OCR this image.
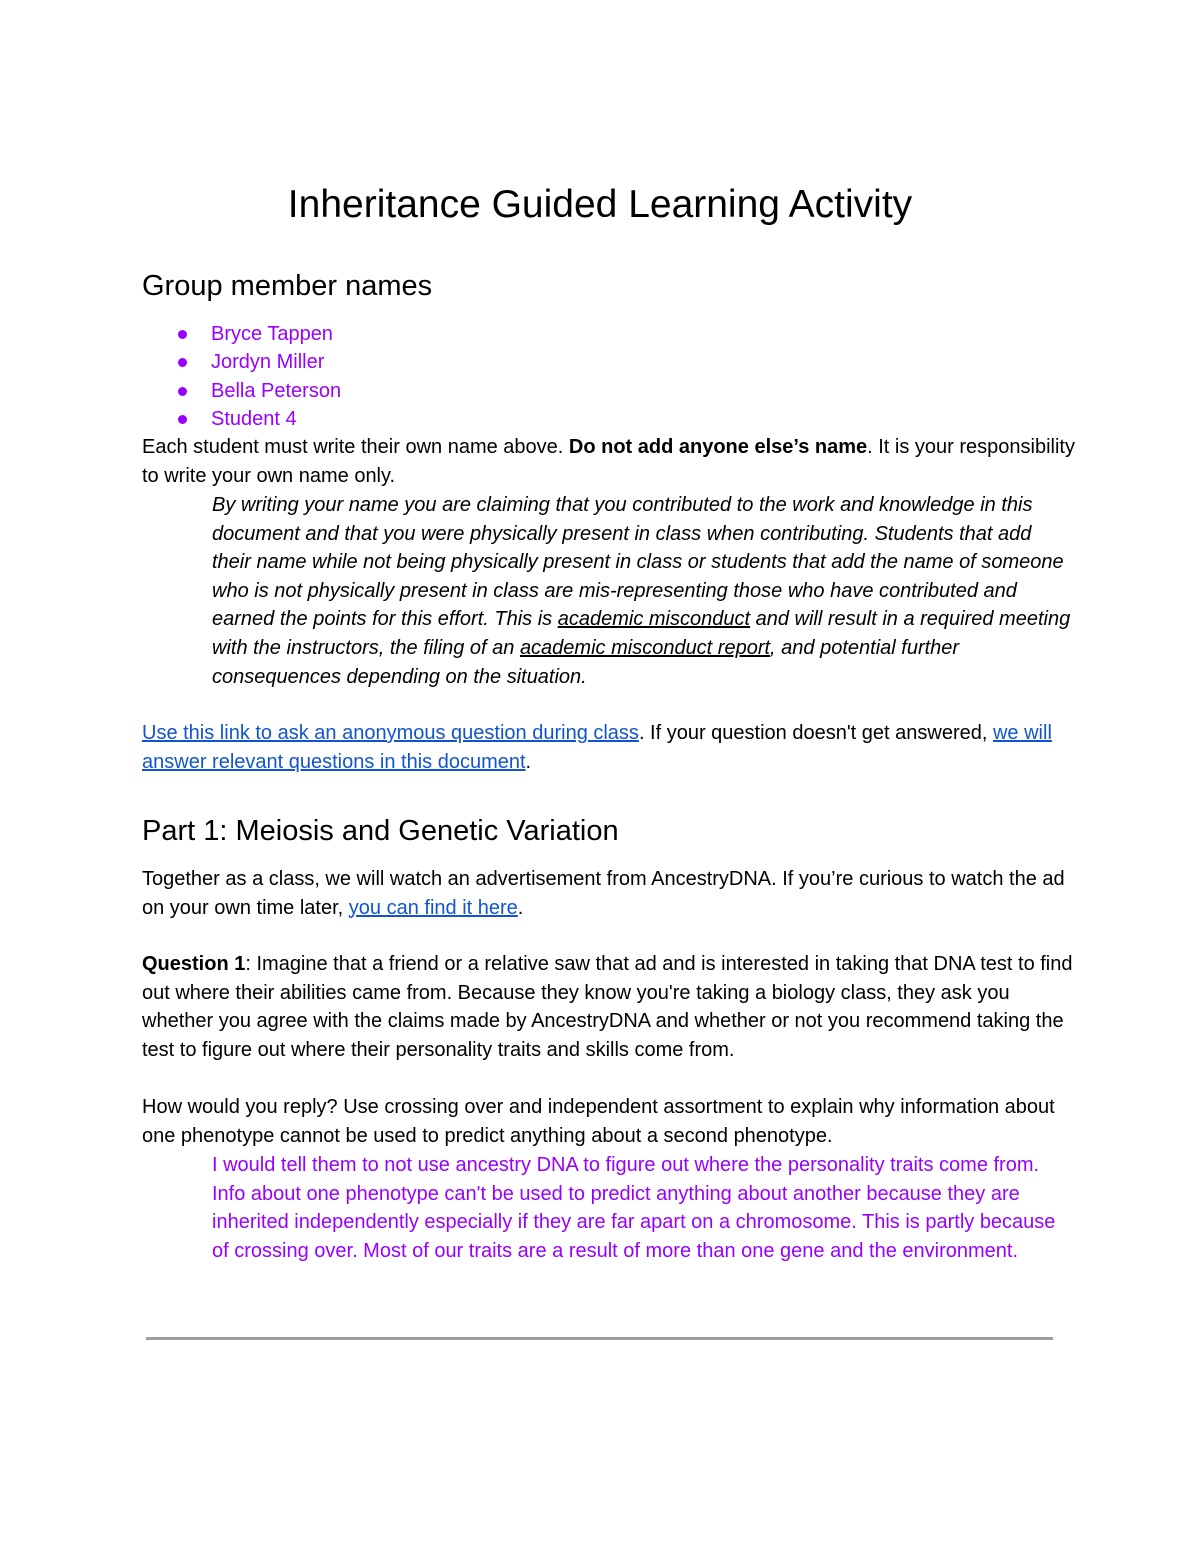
Inheritance Guided Learning Activity
Group member names
Bryce Tappen
Jordyn Miller
Bella Peterson
Student 4

Each student must write their own name above. Do not add anyone else’s name. It is your responsibility to write your own name only.

By writing your name you are claiming that you contributed to the work and knowledge in this document and that you were physically present in class when contributing. Students that add their name while not being physically present in class or students that add the name of someone who is not physically present in class are mis-representing those who have contributed and earned the points for this effort. This is academic misconduct and will result in a required meeting with the instructors, the filing of an academic misconduct report, and potential further consequences depending on the situation.

Use this link to ask an anonymous question during class. If your question doesn't get answered, we will answer relevant questions in this document.

Part 1: Meiosis and Genetic Variation

Together as a class, we will watch an advertisement from AncestryDNA. If you’re curious to watch the ad on your own time later, you can find it here.

Question 1: Imagine that a friend or a relative saw that ad and is interested in taking that DNA test to find out where their abilities came from. Because they know you're taking a biology class, they ask you whether you agree with the claims made by AncestryDNA and whether or not you recommend taking the test to figure out where their personality traits and skills come from.

How would you reply? Use crossing over and independent assortment to explain why information about one phenotype cannot be used to predict anything about a second phenotype.

I would tell them to not use ancestry DNA to figure out where the personality traits come from. Info about one phenotype can't be used to predict anything about another because they are inherited independently especially if they are far apart on a chromosome. This is partly because of crossing over. Most of our traits are a result of more than one gene and the environment.
